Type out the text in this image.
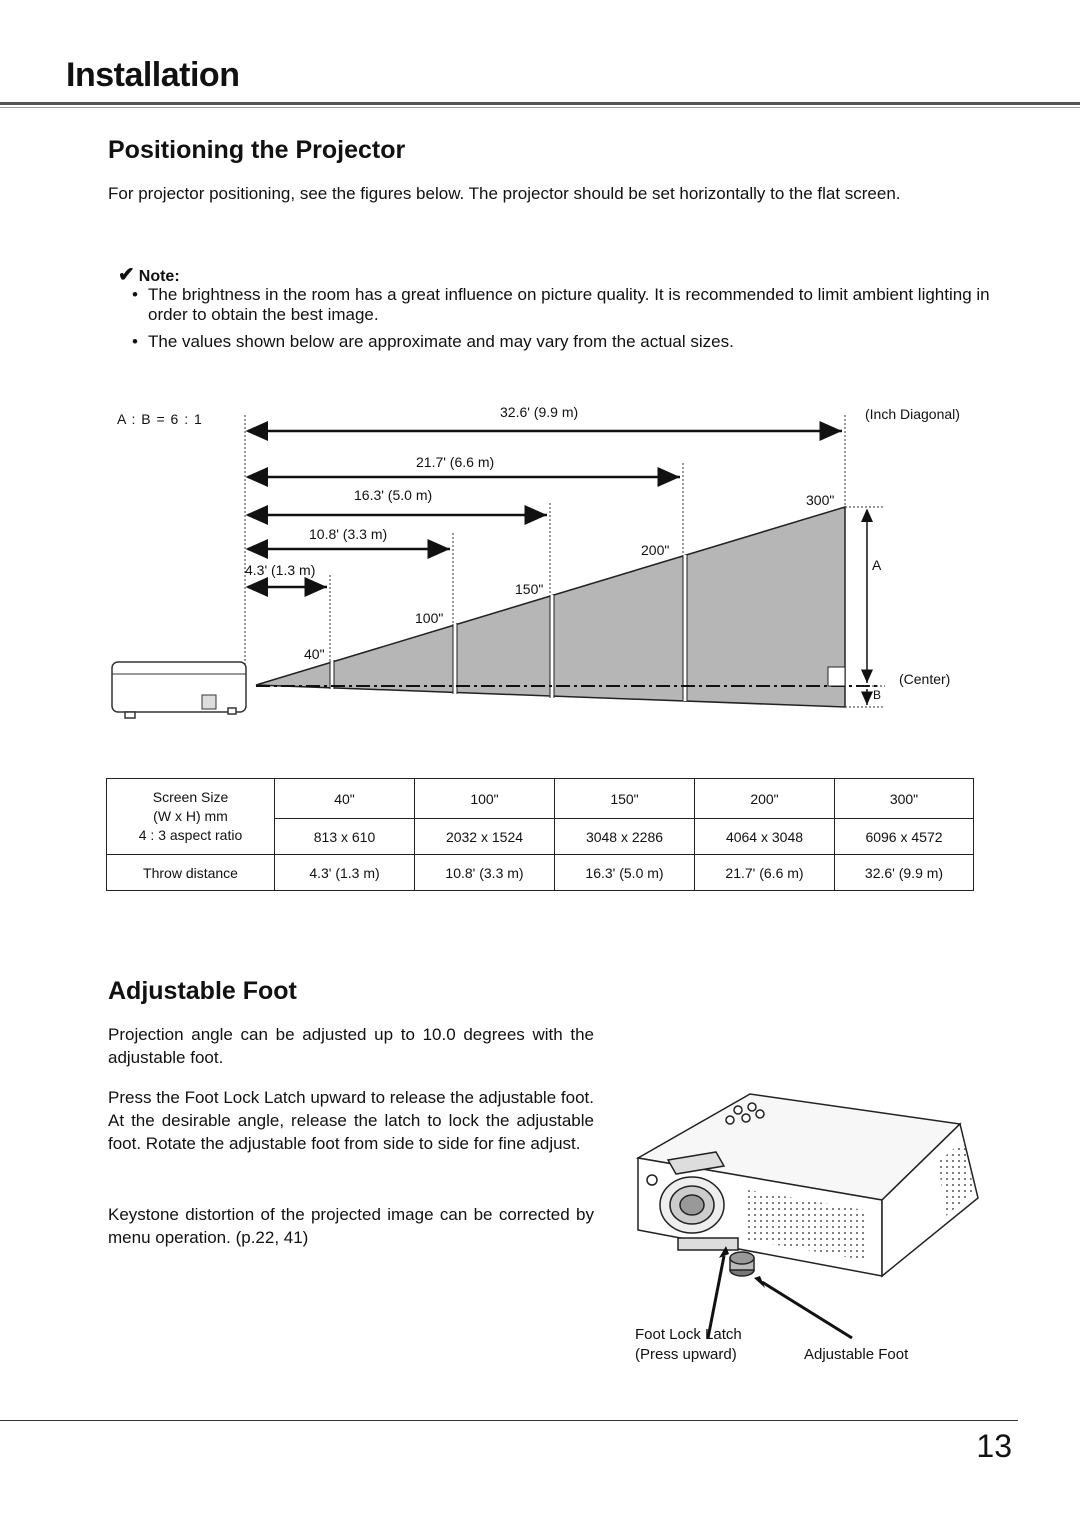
Installation
Positioning the Projector

For projector positioning, see the figures below. The projector should be set horizontally to the flat screen.

✔ Note:
• The brightness in the room has a great influence on picture quality. It is recommended to limit ambient lighting in order to obtain the best image.
• The values shown below are approximate and may vary from the actual sizes.
A : B = 6 : 1	(Inch Diagonal)
32.6' (9.9 m)
21.7' (6.6 m)
16.3' (5.0 m)
10.8' (3.3 m)
4.3' (1.3 m)
300"
200"
150"
100"
40"
A
(Center)
B
Screen Size
(W x H) mm
4 : 3 aspect ratio	40"	100"	150"	200"	300"
	813 x 610	2032 x 1524	3048 x 2286	4064 x 3048	6096 x 4572
Throw distance	4.3' (1.3 m)	10.8' (3.3 m)	16.3' (5.0 m)	21.7' (6.6 m)	32.6' (9.9 m)
Adjustable Foot

Projection angle can be adjusted up to 10.0 degrees with the adjustable foot.

Press the Foot Lock Latch upward to release the adjustable foot. At the desirable angle, release the latch to lock the adjustable foot. Rotate the adjustable foot from side to side for fine adjust.

Keystone distortion of the projected image can be corrected by menu operation. (p.22, 41)

Foot Lock Latch
(Press upward)	Adjustable Foot
13
